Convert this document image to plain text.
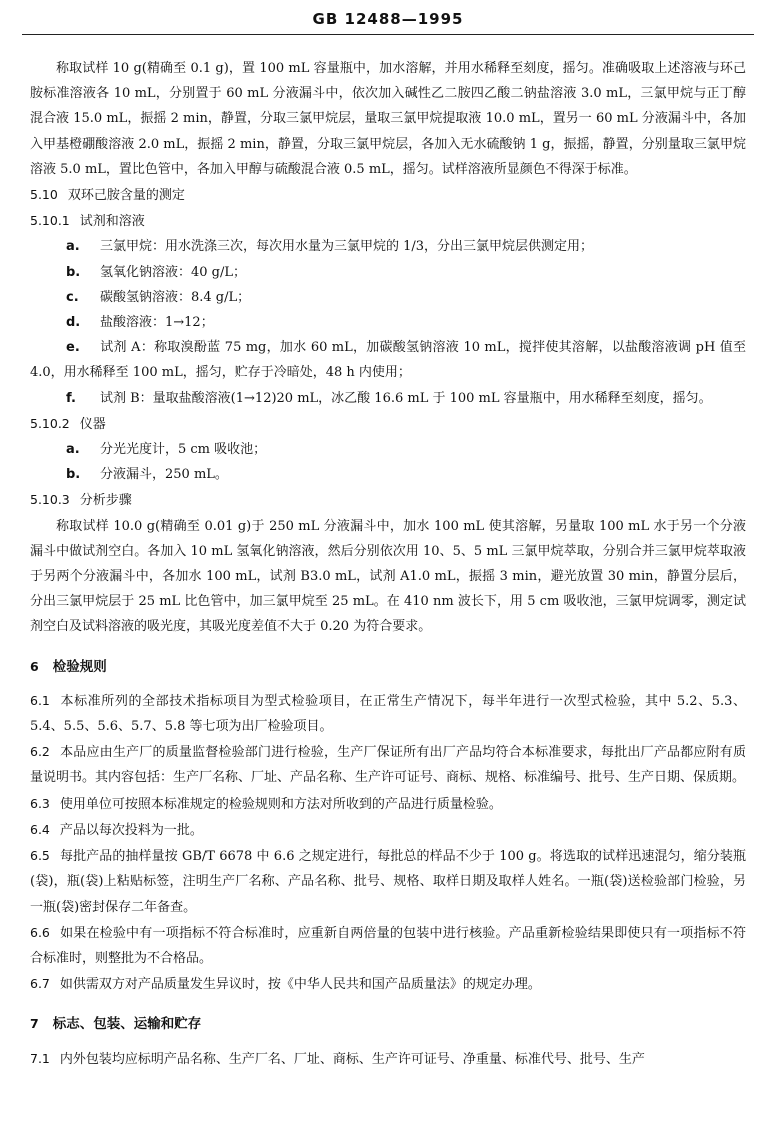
GB 12488—1995

称取试样 10 g(精确至 0.1 g)，置 100 mL 容量瓶中，加水溶解，并用水稀释至刻度，摇匀。准确吸取上述溶液与环己胺标准溶液各 10 mL，分别置于 60 mL 分液漏斗中，依次加入碱性乙二胺四乙酸二钠盐溶液 3.0 mL，三氯甲烷与正丁醇混合液 15.0 mL，振摇 2 min，静置，分取三氯甲烷层，量取三氯甲烷提取液 10.0 mL，置另一 60 mL 分液漏斗中，各加入甲基橙硼酸溶液 2.0 mL，振摇 2 min，静置，分取三氯甲烷层，各加入无水硫酸钠 1 g，振摇，静置，分别量取三氯甲烷溶液 5.0 mL，置比色管中，各加入甲醇与硫酸混合液 0.5 mL，摇匀。试样溶液所显颜色不得深于标准。

5.10 双环己胺含量的测定

5.10.1 试剂和溶液

a. 三氯甲烷：用水洗涤三次，每次用水量为三氯甲烷的 1/3，分出三氯甲烷层供测定用；

b. 氢氧化钠溶液：40 g/L；

c. 碳酸氢钠溶液：8.4 g/L；

d. 盐酸溶液：1→12；

e. 试剂 A：称取溴酚蓝 75 mg，加水 60 mL，加碳酸氢钠溶液 10 mL，搅拌使其溶解，以盐酸溶液调 pH 值至 4.0，用水稀释至 100 mL，摇匀，贮存于冷暗处，48 h 内使用；

f. 试剂 B：量取盐酸溶液(1→12)20 mL，冰乙酸 16.6 mL 于 100 mL 容量瓶中，用水稀释至刻度，摇匀。

5.10.2 仪器

a. 分光光度计，5 cm 吸收池；

b. 分液漏斗，250 mL。

5.10.3 分析步骤

称取试样 10.0 g(精确至 0.01 g)于 250 mL 分液漏斗中，加水 100 mL 使其溶解，另量取 100 mL 水于另一个分液漏斗中做试剂空白。各加入 10 mL 氢氧化钠溶液，然后分别依次用 10、5、5 mL 三氯甲烷萃取，分别合并三氯甲烷萃取液于另两个分液漏斗中，各加水 100 mL，试剂 B3.0 mL，试剂 A1.0 mL，振摇 3 min，避光放置 30 min，静置分层后，分出三氯甲烷层于 25 mL 比色管中，加三氯甲烷至 25 mL。在 410 nm 波长下，用 5 cm 吸收池，三氯甲烷调零，测定试剂空白及试料溶液的吸光度，其吸光度差值不大于 0.20 为符合要求。

6 检验规则

6.1 本标准所列的全部技术指标项目为型式检验项目，在正常生产情况下，每半年进行一次型式检验，其中 5.2、5.3、5.4、5.5、5.6、5.7、5.8 等七项为出厂检验项目。

6.2 本品应由生产厂的质量监督检验部门进行检验，生产厂保证所有出厂产品均符合本标准要求，每批出厂产品都应附有质量说明书。其内容包括：生产厂名称、厂址、产品名称、生产许可证号、商标、规格、标准编号、批号、生产日期、保质期。

6.3 使用单位可按照本标准规定的检验规则和方法对所收到的产品进行质量检验。

6.4 产品以每次投料为一批。

6.5 每批产品的抽样量按 GB/T 6678 中 6.6 之规定进行，每批总的样品不少于 100 g。将选取的试样迅速混匀，缩分装瓶(袋)，瓶(袋)上粘贴标签，注明生产厂名称、产品名称、批号、规格、取样日期及取样人姓名。一瓶(袋)送检验部门检验，另一瓶(袋)密封保存二年备查。

6.6 如果在检验中有一项指标不符合标准时，应重新自两倍量的包装中进行核验。产品重新检验结果即使只有一项指标不符合标准时，则整批为不合格品。

6.7 如供需双方对产品质量发生异议时，按《中华人民共和国产品质量法》的规定办理。

7 标志、包装、运输和贮存

7.1 内外包装均应标明产品名称、生产厂名、厂址、商标、生产许可证号、净重量、标准代号、批号、生产
